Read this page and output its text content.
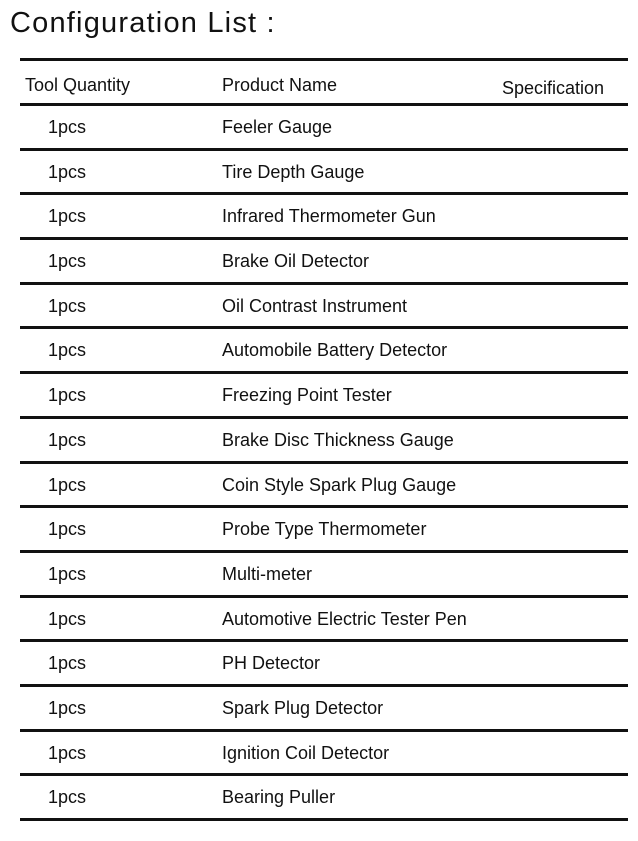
Configuration List :
Tool Quantity	Product Name	Specification
1pcs	Feeler Gauge
1pcs	Tire Depth Gauge
1pcs	Infrared Thermometer Gun
1pcs	Brake Oil Detector
1pcs	Oil Contrast Instrument
1pcs	Automobile Battery Detector
1pcs	Freezing Point Tester
1pcs	Brake Disc Thickness Gauge
1pcs	Coin Style Spark Plug Gauge
1pcs	Probe Type Thermometer
1pcs	Multi-meter
1pcs	Automotive Electric Tester Pen
1pcs	PH Detector
1pcs	Spark Plug Detector
1pcs	Ignition Coil Detector
1pcs	Bearing Puller
